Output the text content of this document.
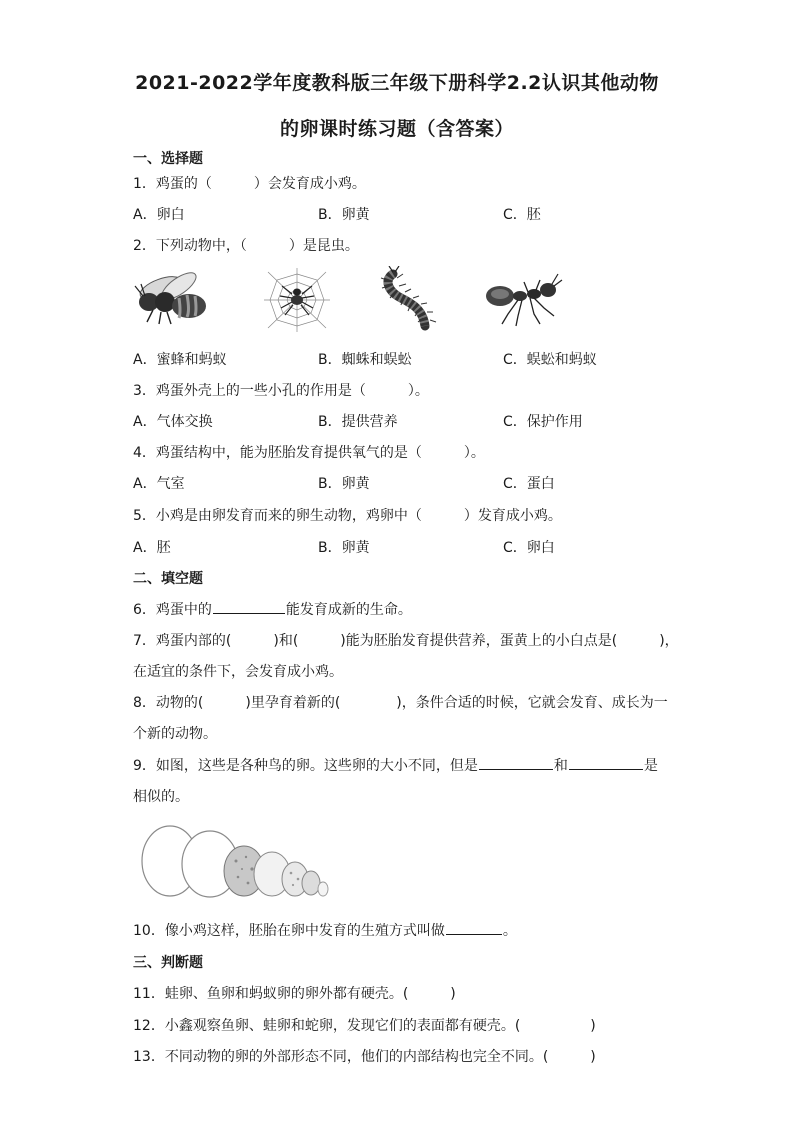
2021-2022学年度教科版三年级下册科学2.2认识其他动物
的卵课时练习题（含答案）
一、选择题
1．鸡蛋的（　　　）会发育成小鸡。
A．卵白	B．卵黄	C．胚
2．下列动物中，（　　　）是昆虫。
A．蜜蜂和蚂蚁	B．蜘蛛和蜈蚣	C．蜈蚣和蚂蚁
3．鸡蛋外壳上的一些小孔的作用是（　　　）。
A．气体交换	B．提供营养	C．保护作用
4．鸡蛋结构中，能为胚胎发育提供氧气的是（　　　）。
A．气室	B．卵黄	C．蛋白
5．小鸡是由卵发育而来的卵生动物，鸡卵中（　　　）发育成小鸡。
A．胚	B．卵黄	C．卵白
二、填空题
6．鸡蛋中的	能发育成新的生命。
7．鸡蛋内部的(　　　)和(　　　)能为胚胎发育提供营养，蛋黄上的小白点是(　　　)，
在适宜的条件下，会发育成小鸡。
8．动物的(　　　)里孕育着新的(　　　　)，条件合适的时候，它就会发育、成长为一
个新的动物。
9．如图，这些是各种鸟的卵。这些卵的大小不同，但是	和	是
相似的。
10．像小鸡这样，胚胎在卵中发育的生殖方式叫做	。
三、判断题
11．蛙卵、鱼卵和蚂蚁卵的卵外都有硬壳。(　　　)
12．小鑫观察鱼卵、蛙卵和蛇卵，发现它们的表面都有硬壳。(　　　　　)
13．不同动物的卵的外部形态不同，他们的内部结构也完全不同。(　　　)
